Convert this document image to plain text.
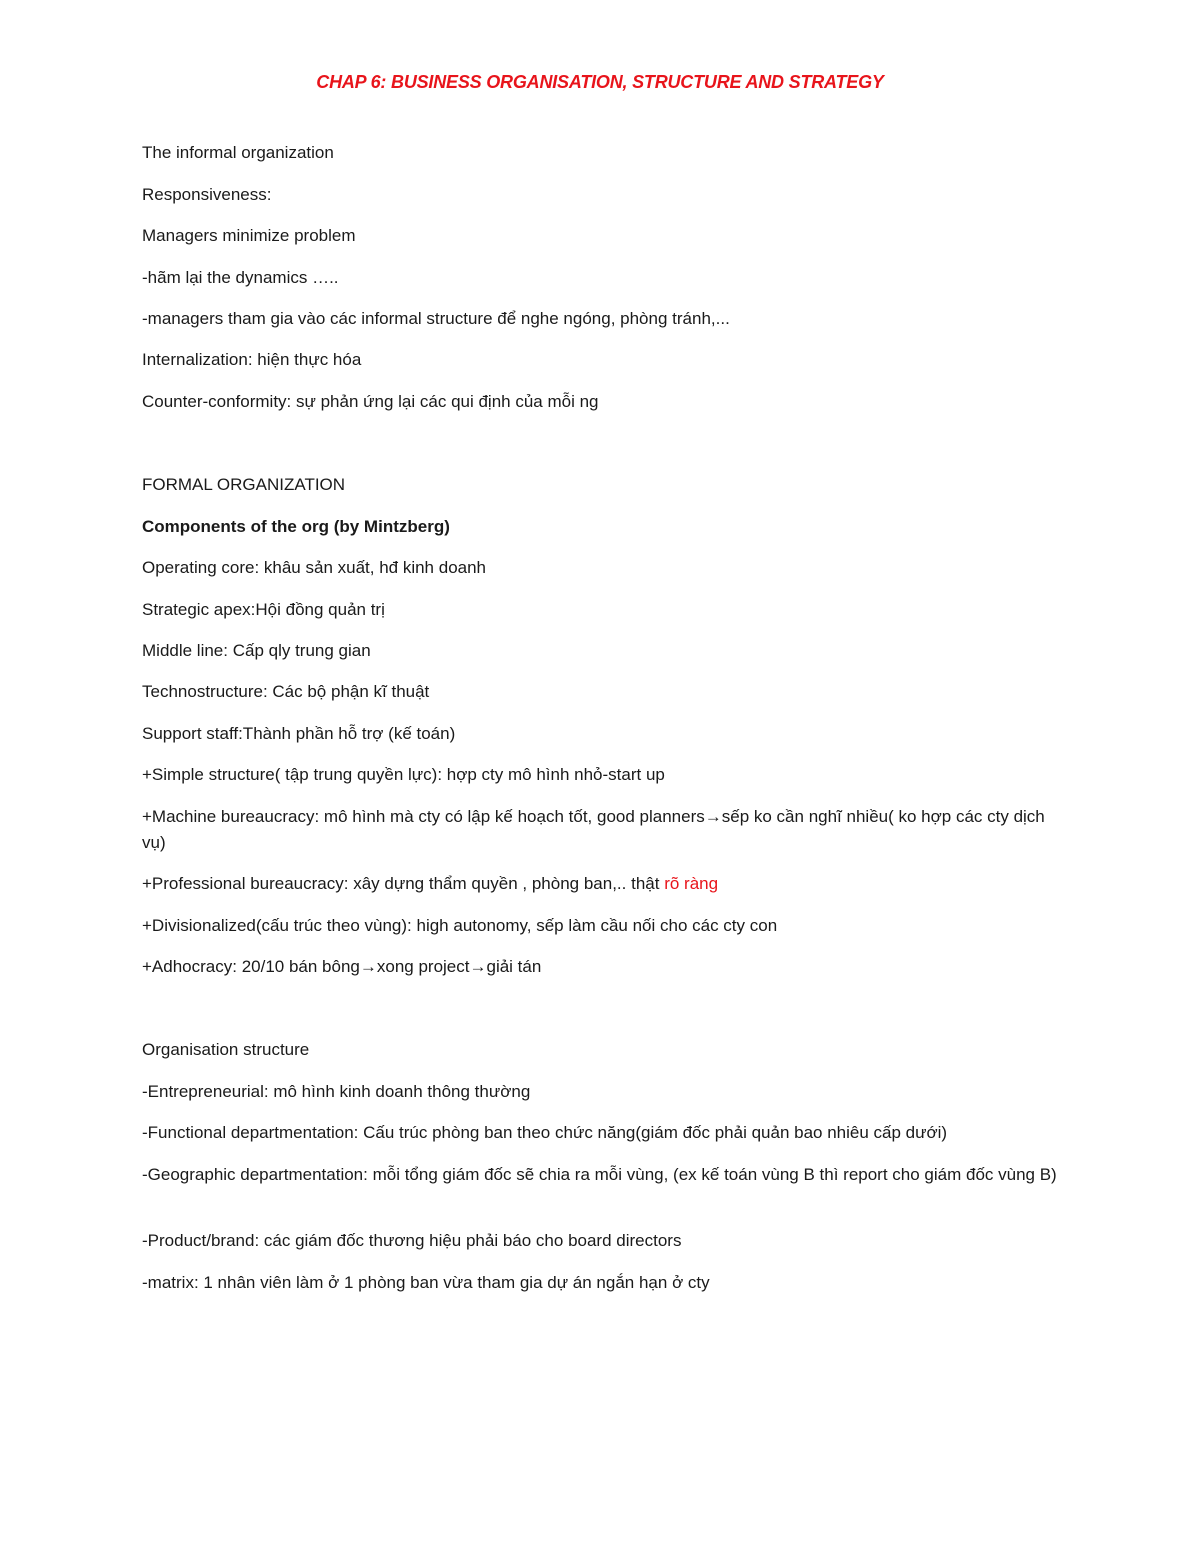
CHAP 6: BUSINESS ORGANISATION, STRUCTURE AND STRATEGY
The informal organization
Responsiveness:
Managers minimize problem
-hãm lại the dynamics …..
-managers tham gia vào các informal structure để nghe ngóng, phòng tránh,...
Internalization: hiện thực hóa
Counter-conformity: sự phản ứng lại các qui định của mỗi ng
FORMAL ORGANIZATION
Components of the org (by Mintzberg)
Operating core: khâu sản xuất, hđ kinh doanh
Strategic apex:Hội đồng quản trị
Middle line: Cấp qly trung gian
Technostructure: Các bộ phận kĩ thuật
Support staff:Thành phần hỗ trợ (kế toán)
+Simple structure( tập trung quyền lực): hợp cty mô hình nhỏ-start up
+Machine bureaucracy: mô hình mà cty có lập kế hoạch tốt, good planners→sếp ko cần nghĩ nhiều( ko hợp các cty dịch vụ)
+Professional bureaucracy: xây dựng thẩm quyền , phòng ban,.. thật rõ ràng
+Divisionalized(cấu trúc theo vùng): high autonomy, sếp làm cầu nối cho các cty con
+Adhocracy: 20/10 bán bông→xong project→giải tán
Organisation structure
-Entrepreneurial: mô hình kinh doanh thông thường
-Functional departmentation: Cấu trúc phòng ban theo chức năng(giám đốc phải quản bao nhiêu cấp dưới)
-Geographic departmentation: mỗi tổng giám đốc sẽ chia ra mỗi vùng, (ex kế toán vùng B thì report cho giám đốc vùng B)
-Product/brand: các giám đốc thương hiệu phải báo cho board directors
-matrix: 1 nhân viên làm ở 1 phòng ban vừa tham gia dự án ngắn hạn ở cty
